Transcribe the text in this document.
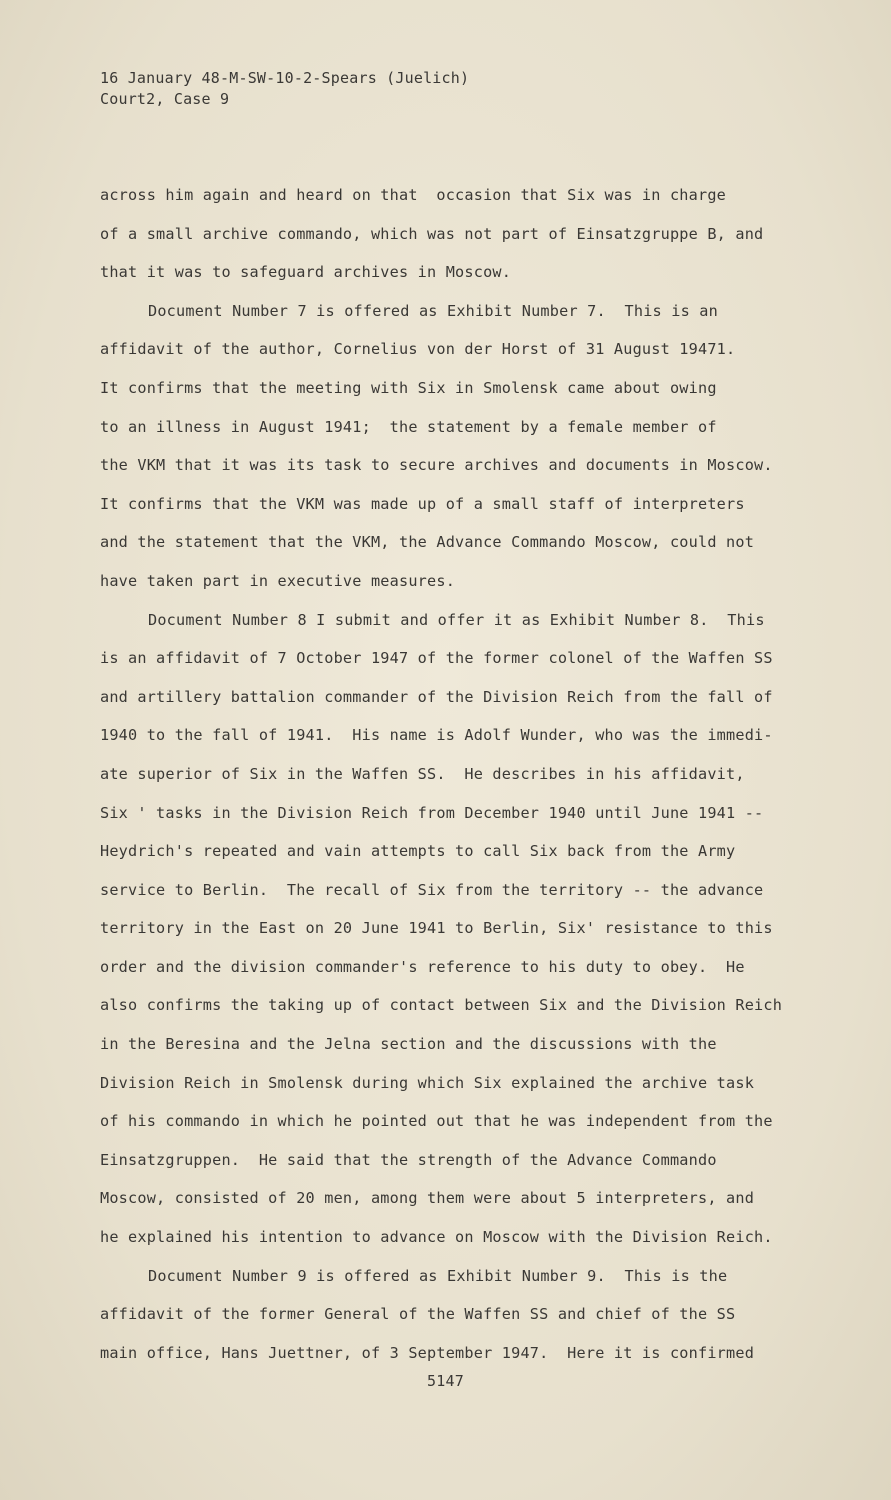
16 January 48-M-SW-10-2-Spears (Juelich)
Court2, Case 9
across him again and heard on that  occasion that Six was in charge
of a small archive commando, which was not part of Einsatzgruppe B, and
that it was to safeguard archives in Moscow.
Document Number 7 is offered as Exhibit Number 7.  This is an
affidavit of the author, Cornelius von der Horst of 31 August 19471.
It confirms that the meeting with Six in Smolensk came about owing
to an illness in August 1941;  the statement by a female member of
the VKM that it was its task to secure archives and documents in Moscow.
It confirms that the VKM was made up of a small staff of interpreters
and the statement that the VKM, the Advance Commando Moscow, could not
have taken part in executive measures.
Document Number 8 I submit and offer it as Exhibit Number 8.  This
is an affidavit of 7 October 1947 of the former colonel of the Waffen SS
and artillery battalion commander of the Division Reich from the fall of
1940 to the fall of 1941.  His name is Adolf Wunder, who was the immedi-
ate superior of Six in the Waffen SS.  He describes in his affidavit,
Six ' tasks in the Division Reich from December 1940 until June 1941 --
Heydrich's repeated and vain attempts to call Six back from the Army
service to Berlin.  The recall of Six from the territory -- the advance
territory in the East on 20 June 1941 to Berlin, Six' resistance to this
order and the division commander's reference to his duty to obey.  He
also confirms the taking up of contact between Six and the Division Reich
in the Beresina and the Jelna section and the discussions with the
Division Reich in Smolensk during which Six explained the archive task
of his commando in which he pointed out that he was independent from the
Einsatzgruppen.  He said that the strength of the Advance Commando
Moscow, consisted of 20 men, among them were about 5 interpreters, and
he explained his intention to advance on Moscow with the Division Reich.
Document Number 9 is offered as Exhibit Number 9.  This is the
affidavit of the former General of the Waffen SS and chief of the SS
main office, Hans Juettner, of 3 September 1947.  Here it is confirmed
5147
